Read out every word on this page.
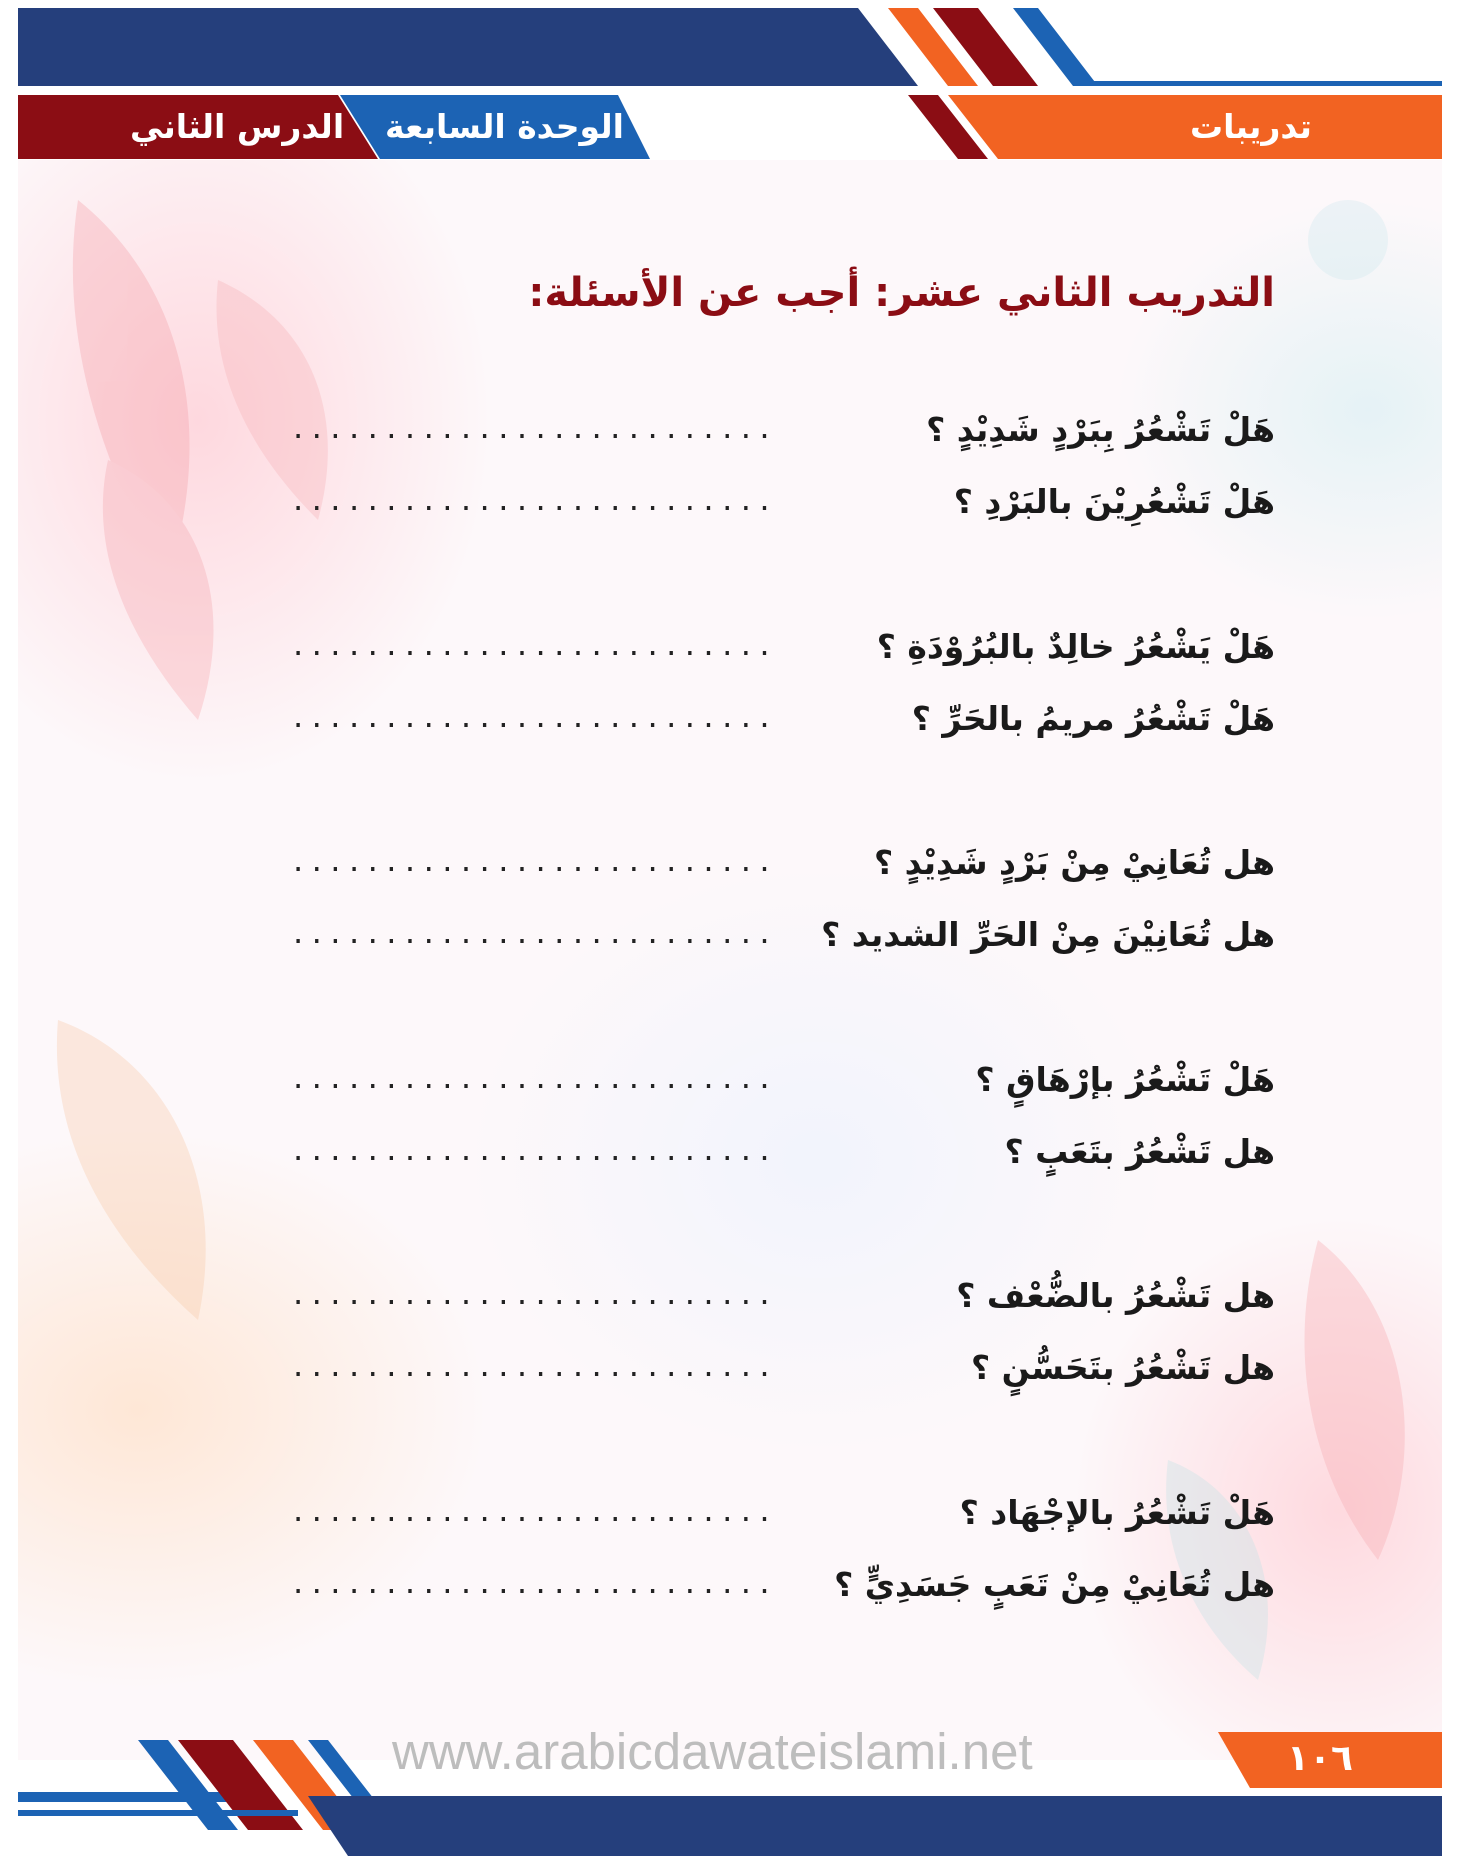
الدرس الثاني الوحدة السابعة	تدريبات
التدريب الثاني عشر: أجب عن الأسئلة:
هَلْ تَشْعُرُ بِبَرْدٍ شَدِيْدٍ ؟
..........................
هَلْ تَشْعُرِيْنَ بالبَرْدِ ؟
..........................
هَلْ يَشْعُرُ خالِدٌ بالبُرُوْدَةِ ؟
..........................
هَلْ تَشْعُرُ مريمُ بالحَرِّ ؟
..........................
هل تُعَانِيْ مِنْ بَرْدٍ شَدِيْدٍ ؟
..........................
هل تُعَانِيْنَ مِنْ الحَرِّ الشديد ؟
..........................
هَلْ تَشْعُرُ بإرْهَاقٍ ؟
..........................
هل تَشْعُرُ بتَعَبٍ ؟
..........................
هل تَشْعُرُ بالضُّعْف ؟
..........................
هل تَشْعُرُ بتَحَسُّنٍ ؟
..........................
هَلْ تَشْعُرُ بالإجْهَاد ؟
..........................
هل تُعَانِيْ مِنْ تَعَبٍ جَسَدِيٍّ ؟
..........................
١٠٦
www.arabicdawateislami.net
